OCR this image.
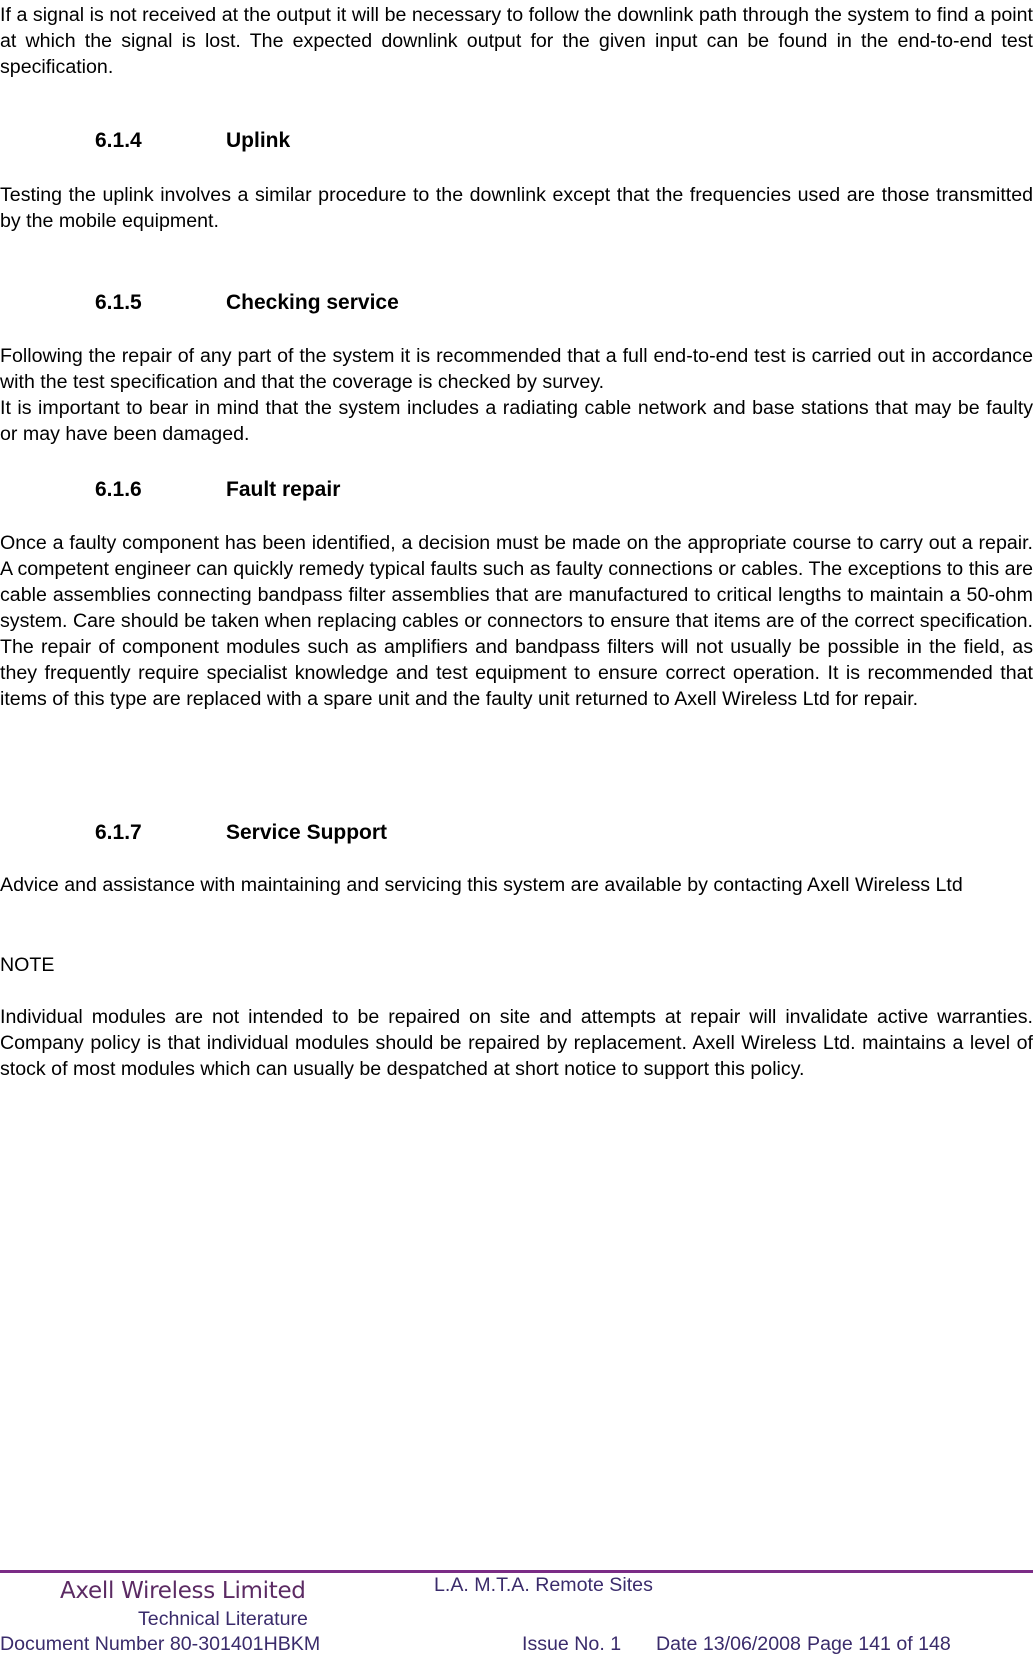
If a signal is not received at the output it will be necessary to follow the downlink path through the system to find a point at which the signal is lost. The expected downlink output for the given input can be found in the end-to-end test specification.

6.1.4	Uplink

Testing the uplink involves a similar procedure to the downlink except that the frequencies used are those transmitted by the mobile equipment.

6.1.5	Checking service

Following the repair of any part of the system it is recommended that a full end-to-end test is carried out in accordance with the test specification and that the coverage is checked by survey.

It is important to bear in mind that the system includes a radiating cable network and base stations that may be faulty or may have been damaged.

6.1.6	Fault repair

Once a faulty component has been identified, a decision must be made on the appropriate course to carry out a repair. A competent engineer can quickly remedy typical faults such as faulty connections or cables. The exceptions to this are cable assemblies connecting bandpass filter assemblies that are manufactured to critical lengths to maintain a 50-ohm system. Care should be taken when replacing cables or connectors to ensure that items are of the correct specification. The repair of component modules such as amplifiers and bandpass filters will not usually be possible in the field, as they frequently require specialist knowledge and test equipment to ensure correct operation. It is recommended that items of this type are replaced with a spare unit and the faulty unit returned to Axell Wireless Ltd for repair.

6.1.7	Service Support

Advice and assistance with maintaining and servicing this system are available by contacting Axell Wireless Ltd

NOTE

Individual modules are not intended to be repaired on site and attempts at repair will invalidate active warranties. Company policy is that individual modules should be repaired by replacement. Axell Wireless Ltd. maintains a level of stock of most modules which can usually be despatched at short notice to support this policy.

Axell Wireless Limited	L.A. M.T.A. Remote Sites
Technical Literature
Document Number 80-301401HBKM	Issue No. 1 Date 13/06/2008 Page 141 of 148
